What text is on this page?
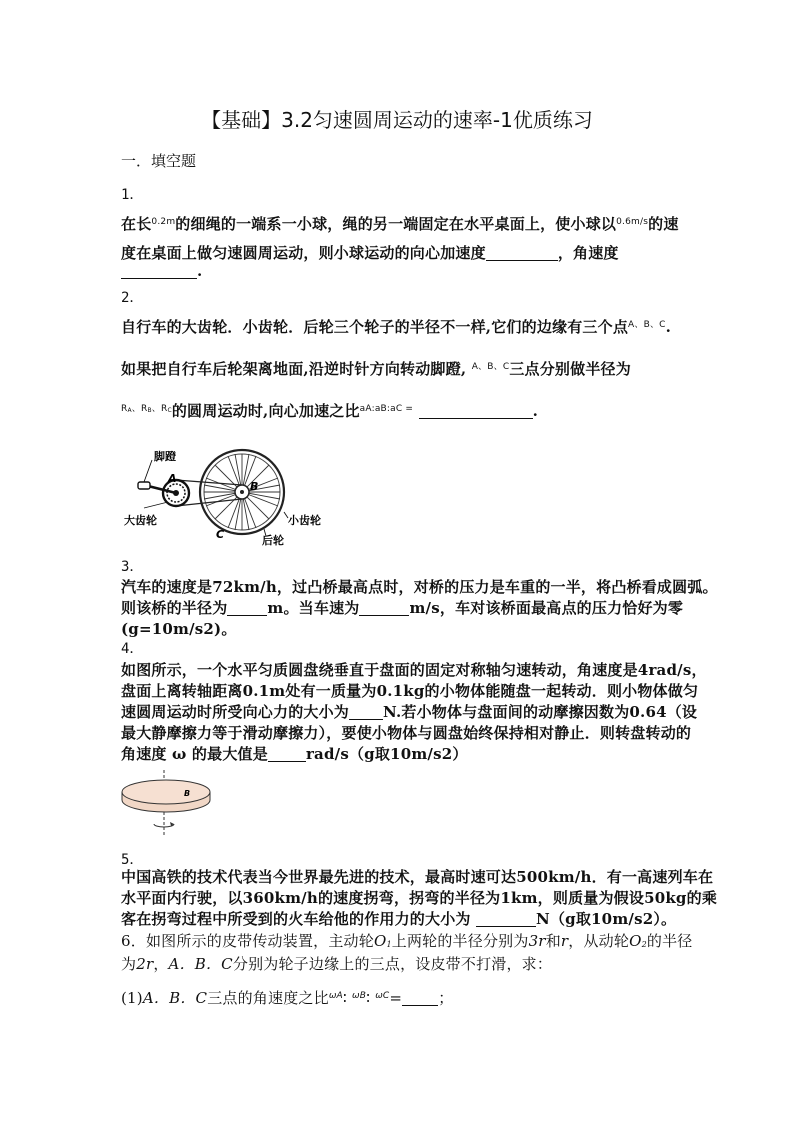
【基础】3.2匀速圆周运动的速率-1优质练习
一．填空题
1．
在长$^{0.2m}$的细绳的一端系一小球，绳的另一端固定在水平桌面上，使小球以$^{0.6m/s}$的速
度在桌面上做匀速圆周运动，则小球运动的向心加速度	，角速度
.
2．
自行车的大齿轮．小齿轮．后轮三个轮子的半径不一样,它们的边缘有三个点$^{A、B、C}$.
如果把自行车后轮架离地面,沿逆时针方向转动脚蹬, $^{A、B、C}$三点分别做半径为
$^{RA、RB、RC}$的圆周运动时,向心加速之比$^{aA:aB:aC =}$	.
脚蹬
A
B
C
大齿轮	小齿轮
后轮
3．
汽车的速度是72km/h，过凸桥最高点时，对桥的压力是车重的一半，将凸桥看成圆弧。
则该桥的半径为	m。当车速为	m/s，车对该桥面最高点的压力恰好为零
(g=10m/s2)。
4．
如图所示，一个水平匀质圆盘绕垂直于盘面的固定对称轴匀速转动，角速度是4rad/s，
盘面上离转轴距离0.1m处有一质量为0.1kg的小物体能随盘一起转动．则小物体做匀
速圆周运动时所受向心力的大小为 N.若小物体与盘面间的动摩擦因数为0.64（设
最大静摩擦力等于滑动摩擦力），要使小物体与圆盘始终保持相对静止．则转盘转动的
角速度 ω 的最大值是	rad/s（g取10m/s2）
B
5．
中国高铁的技术代表当今世界最先进的技术，最高时速可达500km/h．有一高速列车在
水平面内行驶，以360km/h的速度拐弯，拐弯的半径为1km，则质量为假设50kg的乘
客在拐弯过程中所受到的火车给他的作用力的大小为	N（g取10m/s2）。
6．如图所示的皮带传动装置，主动轮O1上两轮的半径分别为3r和r，从动轮O2的半径
为2r，A．B．C分别为轮子边缘上的三点，设皮带不打滑，求：
(1)A．B．C三点的角速度之比$^{\omega A}$∶ $^{\omega B}$∶ $^{\omega C}$= ；
